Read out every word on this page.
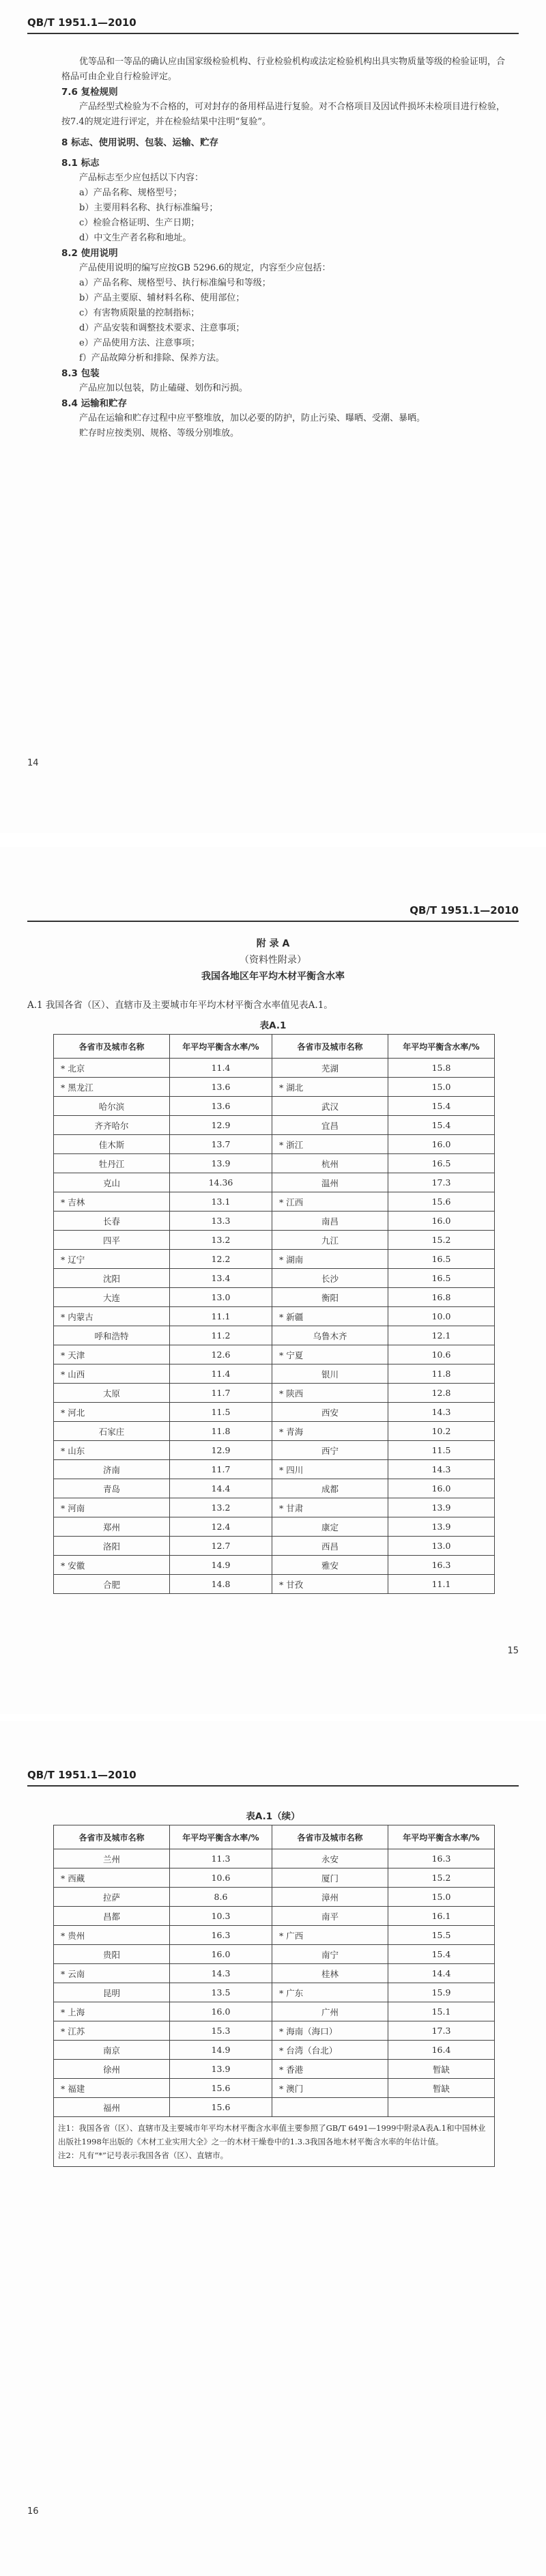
QB/T 1951.1—2010

优等品和一等品的确认应由国家级检验机构、行业检验机构或法定检验机构出具实物质量等级的检验证明，合格品可由企业自行检验评定。

7.6 复检规则

产品经型式检验为不合格的，可对封存的备用样品进行复验。对不合格项目及因试件损坏未检项目进行检验，按7.4的规定进行评定，并在检验结果中注明“复验”。

8 标志、使用说明、包装、运输、贮存

8.1 标志

产品标志至少应包括以下内容：

a）产品名称、规格型号；

b）主要用料名称、执行标准编号；

c）检验合格证明、生产日期；

d）中文生产者名称和地址。

8.2 使用说明

产品使用说明的编写应按GB 5296.6的规定，内容至少应包括：

a）产品名称、规格型号、执行标准编号和等级；

b）产品主要原、辅材料名称、使用部位；

c）有害物质限量的控制指标；

d）产品安装和调整技术要求、注意事项；

e）产品使用方法、注意事项；

f）产品故障分析和排除、保养方法。

8.3 包装

产品应加以包装，防止磕碰、划伤和污损。

8.4 运输和贮存

产品在运输和贮存过程中应平整堆放，加以必要的防护，防止污染、曝晒、受潮、暴晒。

贮存时应按类别、规格、等级分别堆放。

14
QB/T 1951.1—2010
附 录 A
（资料性附录）
我国各地区年平均木材平衡含水率
A.1 我国各省（区）、直辖市及主要城市年平均木材平衡含水率值见表A.1。
表A.1
各省市及城市名称	年平均平衡含水率/%	各省市及城市名称	年平均平衡含水率/%
* 北京	11.4	芜湖	15.8
* 黑龙江	13.6	* 湖北	15.0
哈尔滨	13.6	武汉	15.4
齐齐哈尔	12.9	宜昌	15.4
佳木斯	13.7	* 浙江	16.0
牡丹江	13.9	杭州	16.5
克山	14.36	温州	17.3
* 吉林	13.1	* 江西	15.6
长春	13.3	南昌	16.0
四平	13.2	九江	15.2
* 辽宁	12.2	* 湖南	16.5
沈阳	13.4	长沙	16.5
大连	13.0	衡阳	16.8
* 内蒙古	11.1	* 新疆	10.0
呼和浩特	11.2	乌鲁木齐	12.1
* 天津	12.6	* 宁夏	10.6
* 山西	11.4	银川	11.8
太原	11.7	* 陕西	12.8
* 河北	11.5	西安	14.3
石家庄	11.8	* 青海	10.2
* 山东	12.9	西宁	11.5
济南	11.7	* 四川	14.3
青岛	14.4	成都	16.0
* 河南	13.2	* 甘肃	13.9
郑州	12.4	康定	13.9
洛阳	12.7	西昌	13.0
* 安徽	14.9	雅安	16.3
合肥	14.8	* 甘孜	11.1
15
QB/T 1951.1—2010
表A.1（续）
各省市及城市名称	年平均平衡含水率/%	各省市及城市名称	年平均平衡含水率/%
兰州	11.3	永安	16.3
* 西藏	10.6	厦门	15.2
拉萨	8.6	漳州	15.0
昌都	10.3	南平	16.1
* 贵州	16.3	* 广西	15.5
贵阳	16.0	南宁	15.4
* 云南	14.3	桂林	14.4
昆明	13.5	* 广东	15.9
* 上海	16.0	广州	15.1
* 江苏	15.3	* 海南（海口）	17.3
南京	14.9	* 台湾（台北）	16.4
徐州	13.9	* 香港	暂缺
* 福建	15.6	* 澳门	暂缺
福州	15.6		

注1：我国各省（区）、直辖市及主要城市年平均木材平衡含水率值主要参照了GB/T 6491—1999中附录A表A.1和中国林业出版社1998年出版的《木材工业实用大全》之一的木材干燥卷中的1.3.3我国各地木材平衡含水率的年估计值。
注2：凡有“*”记号表示我国各省（区）、直辖市。			
16
